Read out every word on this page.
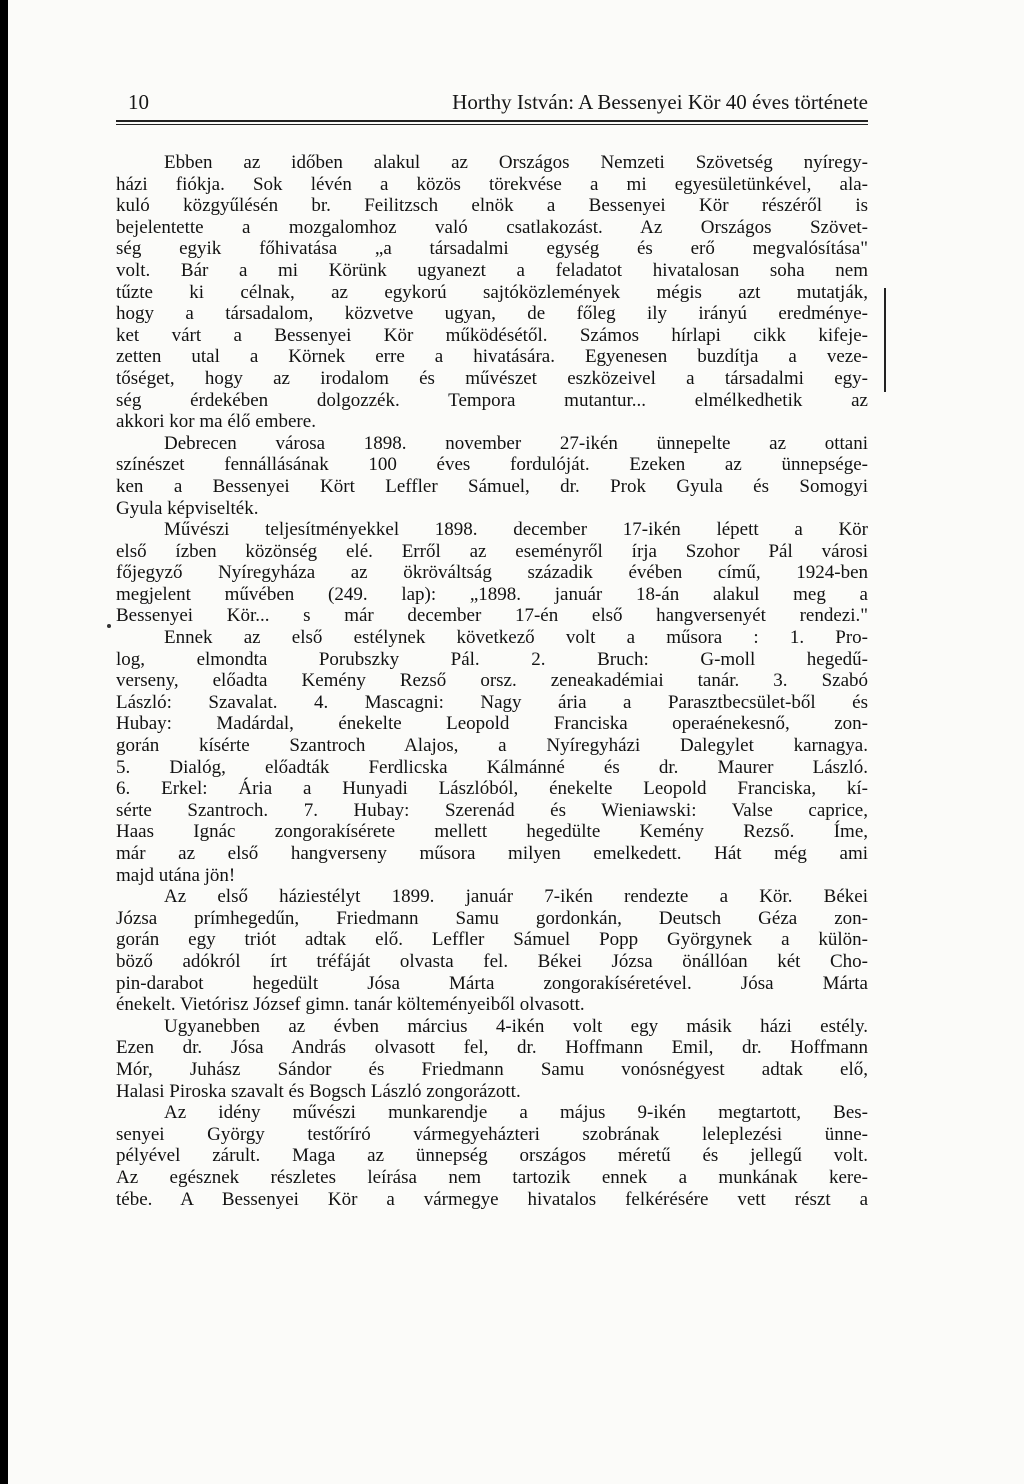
10	Horthy István: A Bessenyei Kör 40 éves története
Ebben az időben alakul az Országos Nemzeti Szövetség nyíregy-
házi fiókja. Sok lévén a közös törekvése a mi egyesületünkével, ala-
kuló közgyűlésén br. Feilitzsch elnök a Bessenyei Kör részéről is
bejelentette a mozgalomhoz való csatlakozást. Az Országos Szövet-
ség egyik főhivatása „a társadalmi egység és erő megvalósítása"
volt. Bár a mi Körünk ugyanezt a feladatot hivatalosan soha nem
tűzte ki célnak, az egykorú sajtóközlemények mégis azt mutatják,
hogy a társadalom, közvetve ugyan, de főleg ily irányú eredménye-
ket várt a Bessenyei Kör működésétől. Számos hírlapi cikk kifeje-
zetten utal a Körnek erre a hivatására. Egyenesen buzdítja a veze-
tőséget, hogy az irodalom és művészet eszközeivel a társadalmi egy-
ség érdekében dolgozzék. Tempora mutantur... elmélkedhetik az
akkori kor ma élő embere.
Debrecen városa 1898. november 27-ikén ünnepelte az ottani
színészet fennállásának 100 éves fordulóját. Ezeken az ünnepsége-
ken a Bessenyei Kört Leffler Sámuel, dr. Prok Gyula és Somogyi
Gyula képviselték.
Művészi teljesítményekkel 1898. december 17-ikén lépett a Kör
első ízben közönség elé. Erről az eseményről írja Szohor Pál városi
főjegyző Nyíregyháza az ökröváltság századik évében című, 1924-ben
megjelent művében (249. lap): „1898. január 18-án alakul meg a
Bessenyei Kör... s már december 17-én első hangversenyét rendezi."
Ennek az első estélynek következő volt a műsora : 1. Pro-
log, elmondta Porubszky Pál. 2. Bruch: G-moll hegedű-
verseny, előadta Kemény Rezső orsz. zeneakadémiai tanár. 3. Szabó
László: Szavalat. 4. Mascagni: Nagy ária a Parasztbecsület-ből és
Hubay: Madárdal, énekelte Leopold Franciska operaénekesnő, zon-
gorán kísérte Szantroch Alajos, a Nyíregyházi Dalegylet karnagya.
5. Dialóg, előadták Ferdlicska Kálmánné és dr. Maurer László.
6. Erkel: Ária a Hunyadi Lászlóból, énekelte Leopold Franciska, kí-
sérte Szantroch. 7. Hubay: Szerenád és Wieniawski: Valse caprice,
Haas Ignác zongorakísérete mellett hegedülte Kemény Rezső. Íme,
már az első hangverseny műsora milyen emelkedett. Hát még ami
majd utána jön!
Az első háziestélyt 1899. január 7-ikén rendezte a Kör. Békei
Józsa prímhegedűn, Friedmann Samu gordonkán, Deutsch Géza zon-
gorán egy triót adtak elő. Leffler Sámuel Popp Györgynek a külön-
böző adókról írt tréfáját olvasta fel. Békei Józsa önállóan két Cho-
pin-darabot hegedült Jósa Márta zongorakíséretével. Jósa Márta
énekelt. Vietórisz József gimn. tanár költeményeiből olvasott.
Ugyanebben az évben március 4-ikén volt egy másik házi estély.
Ezen dr. Jósa András olvasott fel, dr. Hoffmann Emil, dr. Hoffmann
Mór, Juhász Sándor és Friedmann Samu vonósnégyest adtak elő,
Halasi Piroska szavalt és Bogsch László zongorázott.
Az idény művészi munkarendje a május 9-ikén megtartott, Bes-
senyei György testőríró vármegyeházteri szobrának leleplezési ünne-
pélyével zárult. Maga az ünnepség országos méretű és jellegű volt.
Az egésznek részletes leírása nem tartozik ennek a munkának kere-
tébe. A Bessenyei Kör a vármegye hivatalos felkérésére vett részt a
